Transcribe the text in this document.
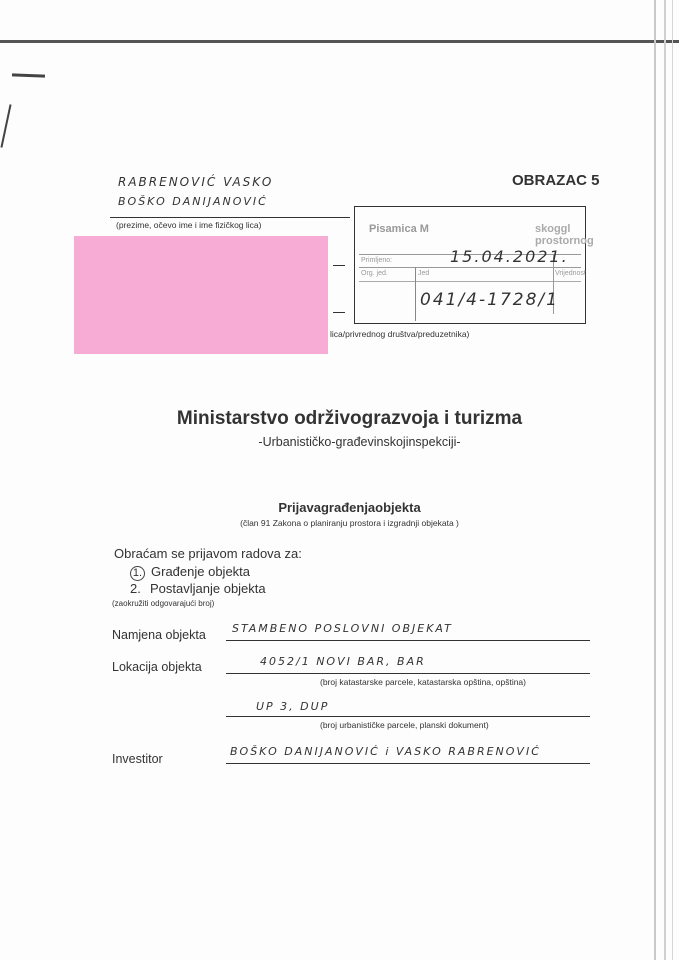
OBRAZAC 5
RABRENOVIĆ VASKO
BOŠKO DANIJANOVIĆ
(prezime, očevo ime i ime fizičkog lica)
lica/privrednog društva/preduzetnika)
Pisamica M	skoggl prostornog
Primljeno:
Org. jed.	Jed	Vrijednost
15.04.2021.
041/4-1728/1
Ministarstvo održivograzvoja i turizma
-Urbanističko-građevinskojinspekciji-
Prijavagrađenjaobjekta
(član 91 Zakona o planiranju prostora i izgradnji objekata )
Obraćam se prijavom radova za:
1. Građenje objekta
2. Postavljanje objekta
(zaokružiti odgovarajući broj)
Namjena objekta STAMBENO POSLOVNI OBJEKAT
Lokacija objekta	4052/1 NOVI BAR, BAR
(broj katastarske parcele, katastarska opština, opština)
UP 3, DUP
(broj urbanističke parcele, planski dokument)
Investitor
BOŠKO DANIJANOVIĆ i VASKO RABRENOVIĆ
